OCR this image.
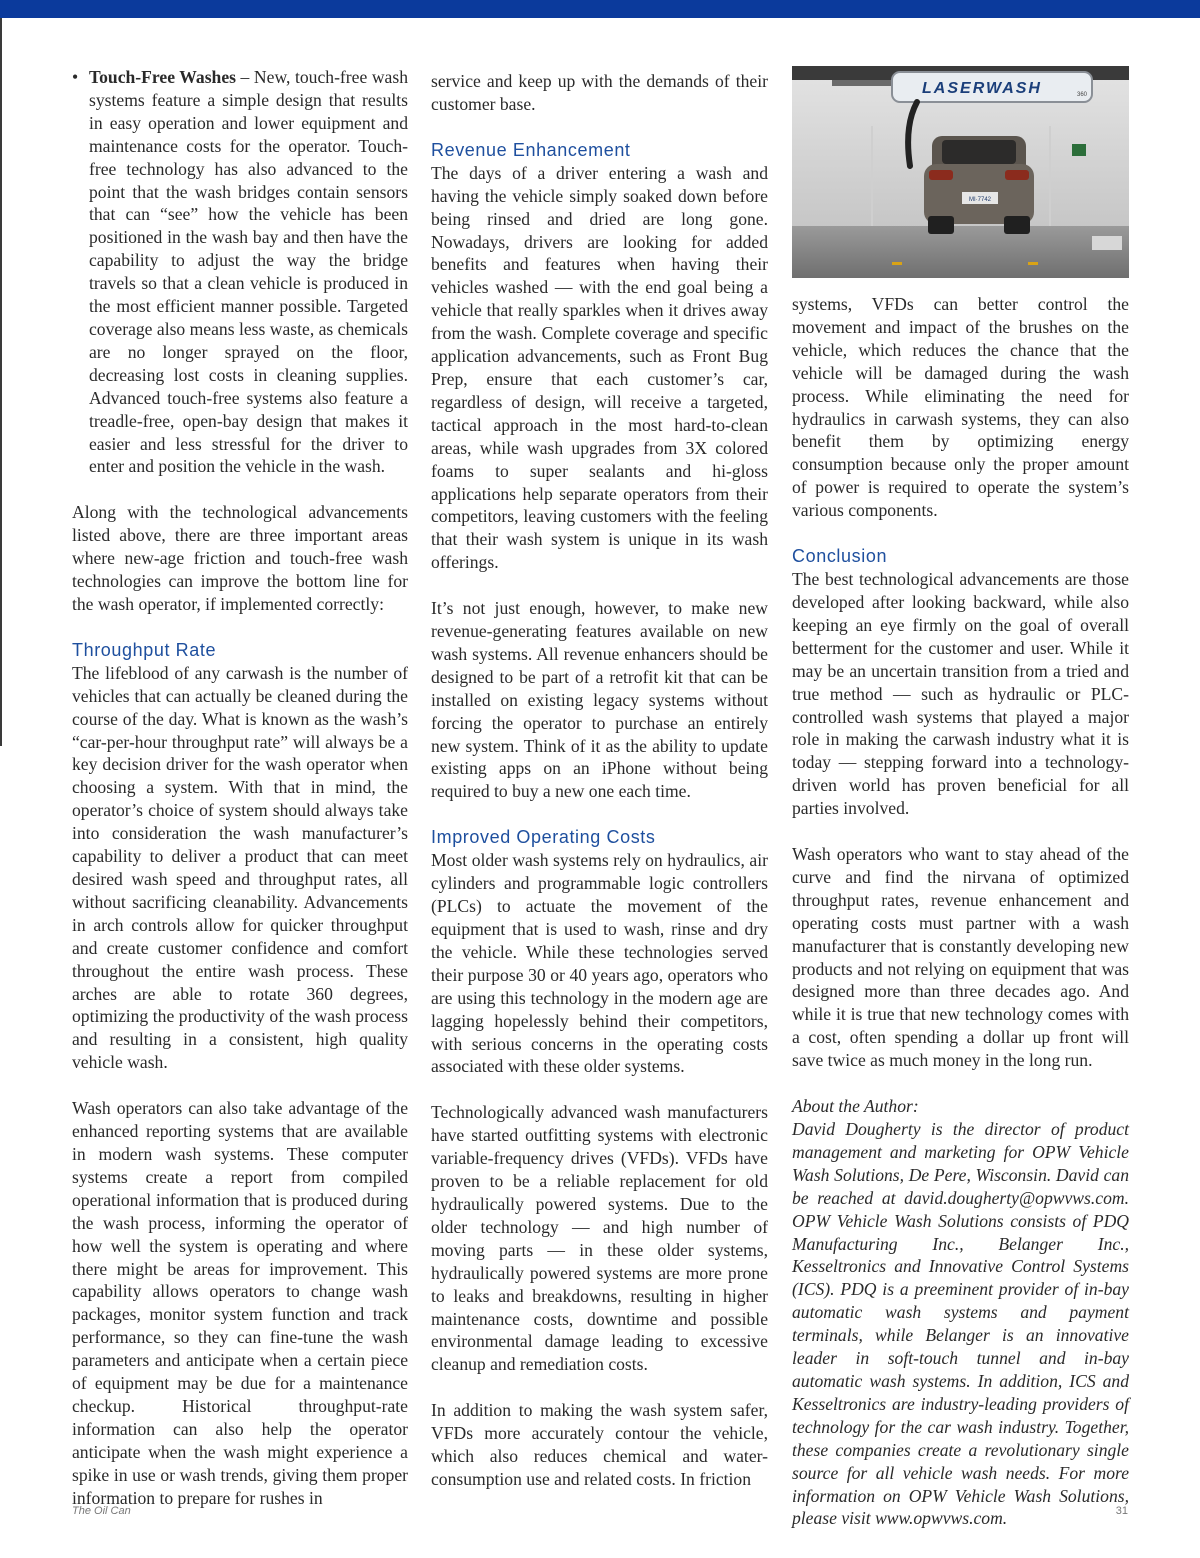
• Touch-Free Washes – New, touch-free wash systems feature a simple design that results in easy operation and lower equipment and maintenance costs for the operator. Touch-free technology has also advanced to the point that the wash bridges contain sensors that can “see” how the vehicle has been positioned in the wash bay and then have the capability to adjust the way the bridge travels so that a clean vehicle is produced in the most efficient manner possible. Targeted coverage also means less waste, as chemicals are no longer sprayed on the floor, decreasing lost costs in cleaning supplies. Advanced touch-free systems also feature a treadle-free, open-bay design that makes it easier and less stressful for the driver to enter and position the vehicle in the wash.

Along with the technological advancements listed above, there are three important areas where new-age friction and touch-free wash technologies can improve the bottom line for the wash operator, if implemented correctly:

Throughput Rate

The lifeblood of any carwash is the number of vehicles that can actually be cleaned during the course of the day. What is known as the wash’s “car-per-hour throughput rate” will always be a key decision driver for the wash operator when choosing a system. With that in mind, the operator’s choice of system should always take into consideration the wash manufacturer’s capability to deliver a product that can meet desired wash speed and throughput rates, all without sacrificing cleanability. Advancements in arch controls allow for quicker throughput and create customer confidence and comfort throughout the entire wash process. These arches are able to rotate 360 degrees, optimizing the productivity of the wash process and resulting in a consistent, high quality vehicle wash.

Wash operators can also take advantage of the enhanced reporting systems that are available in modern wash systems. These computer systems create a report from compiled operational information that is produced during the wash process, informing the operator of how well the system is operating and where there might be areas for improvement. This capability allows operators to change wash packages, monitor system function and track performance, so they can fine-tune the wash parameters and anticipate when a certain piece of equipment may be due for a maintenance checkup. Historical throughput-rate information can also help the operator anticipate when the wash might experience a spike in use or wash trends, giving them proper information to prepare for rushes in

service and keep up with the demands of their customer base.

Revenue Enhancement

The days of a driver entering a wash and having the vehicle simply soaked down before being rinsed and dried are long gone. Nowadays, drivers are looking for added benefits and features when having their vehicles washed — with the end goal being a vehicle that really sparkles when it drives away from the wash. Complete coverage and specific application advancements, such as Front Bug Prep, ensure that each customer’s car, regardless of design, will receive a targeted, tactical approach in the most hard-to-clean areas, while wash upgrades from 3X colored foams to super sealants and hi-gloss applications help separate operators from their competitors, leaving customers with the feeling that their wash system is unique in its wash offerings.

It’s not just enough, however, to make new revenue-generating features available on new wash systems. All revenue enhancers should be designed to be part of a retrofit kit that can be installed on existing legacy systems without forcing the operator to purchase an entirely new system. Think of it as the ability to update existing apps on an iPhone without being required to buy a new one each time.

Improved Operating Costs

Most older wash systems rely on hydraulics, air cylinders and programmable logic controllers (PLCs) to actuate the movement of the equipment that is used to wash, rinse and dry the vehicle. While these technologies served their purpose 30 or 40 years ago, operators who are using this technology in the modern age are lagging hopelessly behind their competitors, with serious concerns in the operating costs associated with these older systems.

Technologically advanced wash manufacturers have started outfitting systems with electronic variable-frequency drives (VFDs). VFDs have proven to be a reliable replacement for old hydraulically powered systems. Due to the older technology — and high number of moving parts — in these older systems, hydraulically powered systems are more prone to leaks and breakdowns, resulting in higher maintenance costs, downtime and possible environmental damage leading to excessive cleanup and remediation costs.

In addition to making the wash system safer, VFDs more accurately contour the vehicle, which also reduces chemical and water-consumption use and related costs. In friction

LASERWASH	360
MI·7742

systems, VFDs can better control the movement and impact of the brushes on the vehicle, which reduces the chance that the vehicle will be damaged during the wash process. While eliminating the need for hydraulics in carwash systems, they can also benefit them by optimizing energy consumption because only the proper amount of power is required to operate the system’s various components.

Conclusion

The best technological advancements are those developed after looking backward, while also keeping an eye firmly on the goal of overall betterment for the customer and user. While it may be an uncertain transition from a tried and true method — such as hydraulic or PLC-controlled wash systems that played a major role in making the carwash industry what it is today — stepping forward into a technology-driven world has proven beneficial for all parties involved.

Wash operators who want to stay ahead of the curve and find the nirvana of optimized throughput rates, revenue enhancement and operating costs must partner with a wash manufacturer that is constantly developing new products and not relying on equipment that was designed more than three decades ago. And while it is true that new technology comes with a cost, often spending a dollar up front will save twice as much money in the long run.

About the Author:

David Dougherty is the director of product management and marketing for OPW Vehicle Wash Solutions, De Pere, Wisconsin. David can be reached at david.dougherty@opwvws.com. OPW Vehicle Wash Solutions consists of PDQ Manufacturing Inc., Belanger Inc., Kesseltronics and Innovative Control Systems (ICS). PDQ is a preeminent provider of in-bay automatic wash systems and payment terminals, while Belanger is an innovative leader in soft-touch tunnel and in-bay automatic wash systems. In addition, ICS and Kesseltronics are industry-leading providers of technology for the car wash industry. Together, these companies create a revolutionary single source for all vehicle wash needs. For more information on OPW Vehicle Wash Solutions, please visit www.opwvws.com.

The Oil Can	31
